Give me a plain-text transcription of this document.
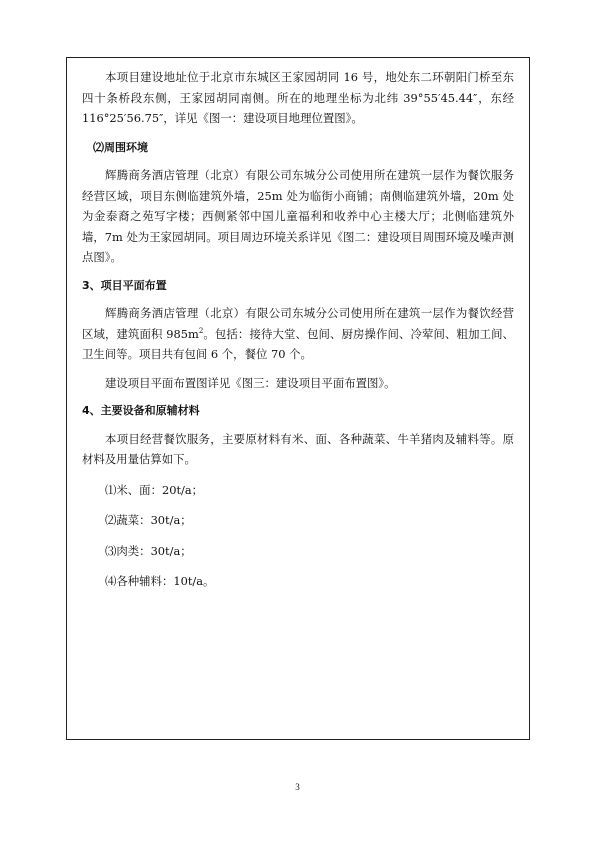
本项目建设地址位于北京市东城区王家园胡同 16 号，地处东二环朝阳门桥至东四十条桥段东侧，王家园胡同南侧。所在的地理坐标为北纬 39°55′45.44″，东经116°25′56.75″，详见《图一：建设项目地理位置图》。

⑵周围环境

辉腾商务酒店管理（北京）有限公司东城分公司使用所在建筑一层作为餐饮服务经营区域，项目东侧临建筑外墙，25m 处为临街小商铺；南侧临建筑外墙，20m 处为金泰裔之苑写字楼；西侧紧邻中国儿童福利和收养中心主楼大厅；北侧临建筑外墙，7m 处为王家园胡同。项目周边环境关系详见《图二：建设项目周围环境及噪声测点图》。

3、项目平面布置

辉腾商务酒店管理（北京）有限公司东城分公司使用所在建筑一层作为餐饮经营区域，建筑面积 $985m^2$。包括：接待大堂、包间、厨房操作间、冷荤间、粗加工间、卫生间等。项目共有包间 6 个，餐位 70 个。

建设项目平面布置图详见《图三：建设项目平面布置图》。

4、主要设备和原辅材料

本项目经营餐饮服务，主要原材料有米、面、各种蔬菜、牛羊猪肉及辅料等。原材料及用量估算如下。

⑴米、面：20t/a；

⑵蔬菜：30t/a；

⑶肉类：30t/a；

⑷各种辅料：10t/a。

3
